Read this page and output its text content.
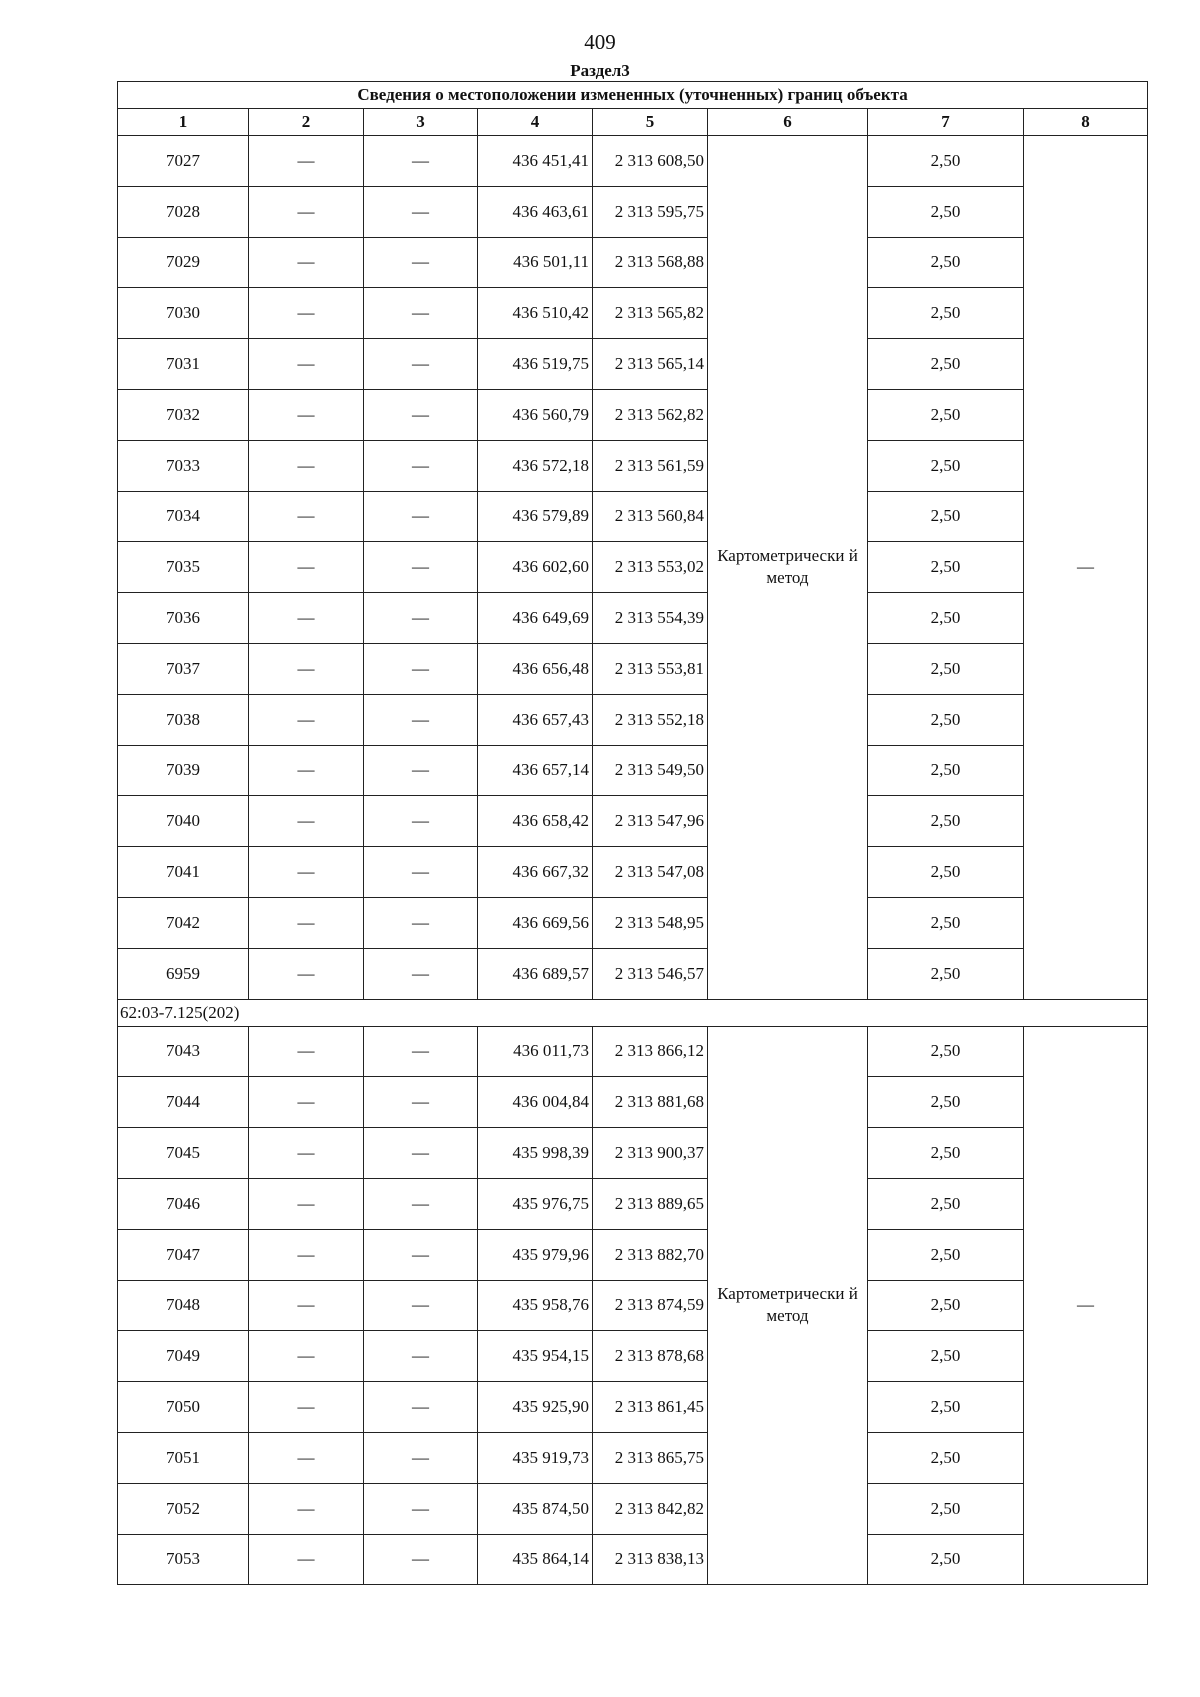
409
Раздел3
Сведения о местоположении измененных (уточненных) границ объекта							
1	2	3	4	5	6	7	8
7027	—	—	436 451,41	2 313 608,50	Картометрически й метод	2,50	—
7028	—	—	436 463,61	2 313 595,75		2,50	
7029	—	—	436 501,11	2 313 568,88		2,50	
7030	—	—	436 510,42	2 313 565,82		2,50	
7031	—	—	436 519,75	2 313 565,14		2,50	
7032	—	—	436 560,79	2 313 562,82		2,50	
7033	—	—	436 572,18	2 313 561,59		2,50	
7034	—	—	436 579,89	2 313 560,84		2,50	
7035	—	—	436 602,60	2 313 553,02		2,50	
7036	—	—	436 649,69	2 313 554,39		2,50	
7037	—	—	436 656,48	2 313 553,81		2,50	
7038	—	—	436 657,43	2 313 552,18		2,50	
7039	—	—	436 657,14	2 313 549,50		2,50	
7040	—	—	436 658,42	2 313 547,96		2,50	
7041	—	—	436 667,32	2 313 547,08		2,50	
7042	—	—	436 669,56	2 313 548,95		2,50	
6959	—	—	436 689,57	2 313 546,57		2,50	
62:03-7.125(202)							
7043	—	—	436 011,73	2 313 866,12	Картометрически й метод	2,50	—
7044	—	—	436 004,84	2 313 881,68		2,50	
7045	—	—	435 998,39	2 313 900,37		2,50	
7046	—	—	435 976,75	2 313 889,65		2,50	
7047	—	—	435 979,96	2 313 882,70		2,50	
7048	—	—	435 958,76	2 313 874,59		2,50	
7049	—	—	435 954,15	2 313 878,68		2,50	
7050	—	—	435 925,90	2 313 861,45		2,50	
7051	—	—	435 919,73	2 313 865,75		2,50	
7052	—	—	435 874,50	2 313 842,82		2,50	
7053	—	—	435 864,14	2 313 838,13		2,50	
